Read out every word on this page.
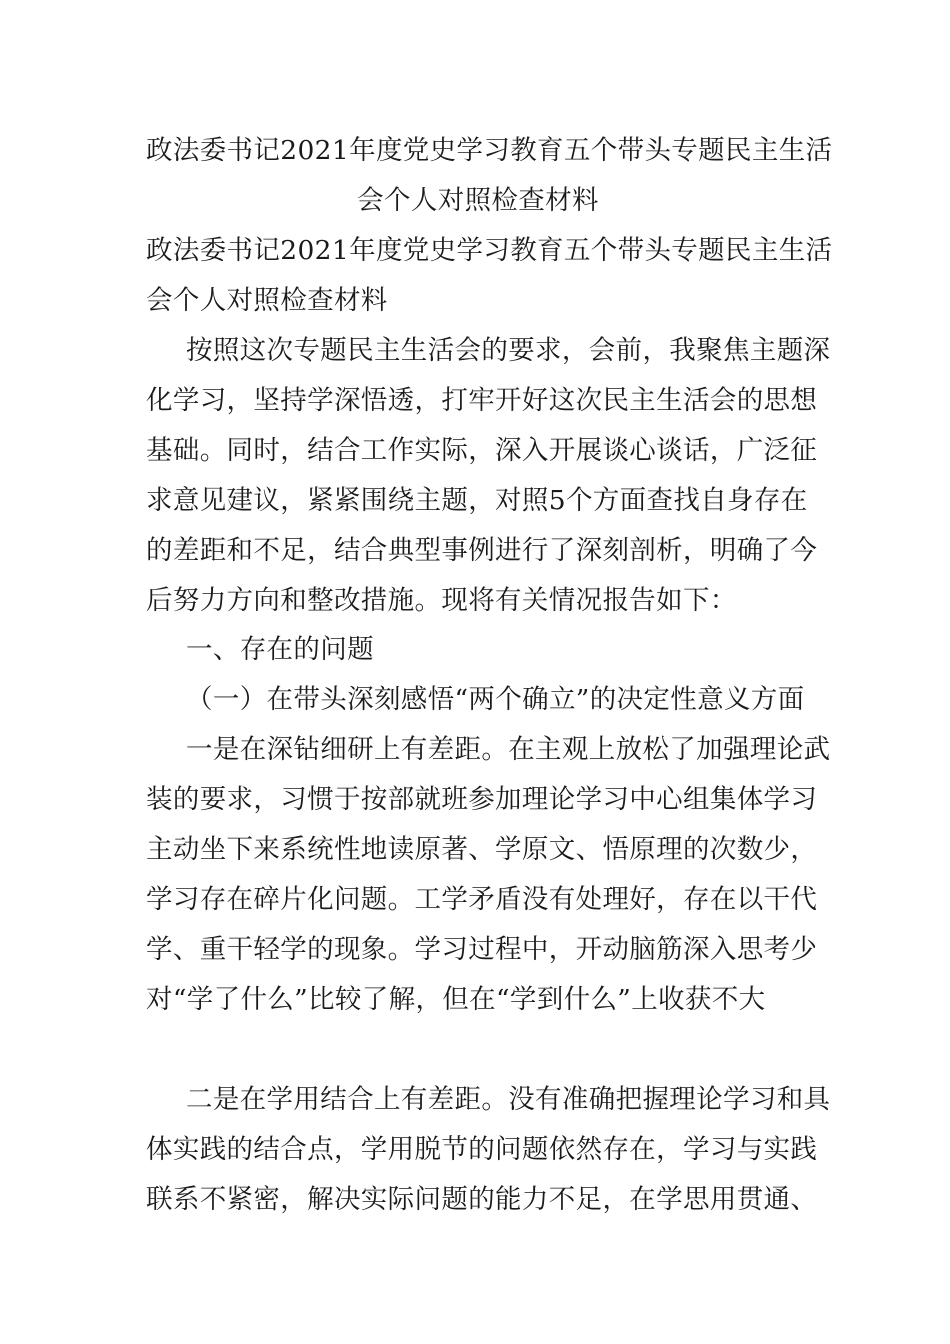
政法委书记2021年度党史学习教育五个带头专题民主生活
会个人对照检查材料
政法委书记2021年度党史学习教育五个带头专题民主生活
会个人对照检查材料
按照这次专题民主生活会的要求，会前，我聚焦主题深
化学习，坚持学深悟透，打牢开好这次民主生活会的思想
基础。同时，结合工作实际，深入开展谈心谈话，广泛征
求意见建议，紧紧围绕主题，对照5个方面查找自身存在
的差距和不足，结合典型事例进行了深刻剖析，明确了今
后努力方向和整改措施。现将有关情况报告如下：
一、存在的问题
（一）在带头深刻感悟“两个确立”的决定性意义方面
一是在深钻细研上有差距。在主观上放松了加强理论武
装的要求，习惯于按部就班参加理论学习中心组集体学习
主动坐下来系统性地读原著、学原文、悟原理的次数少，
学习存在碎片化问题。工学矛盾没有处理好，存在以干代
学、重干轻学的现象。学习过程中，开动脑筋深入思考少
对“学了什么”比较了解，但在“学到什么”上收获不大
二是在学用结合上有差距。没有准确把握理论学习和具
体实践的结合点，学用脱节的问题依然存在，学习与实践
联系不紧密，解决实际问题的能力不足，在学思用贯通、
